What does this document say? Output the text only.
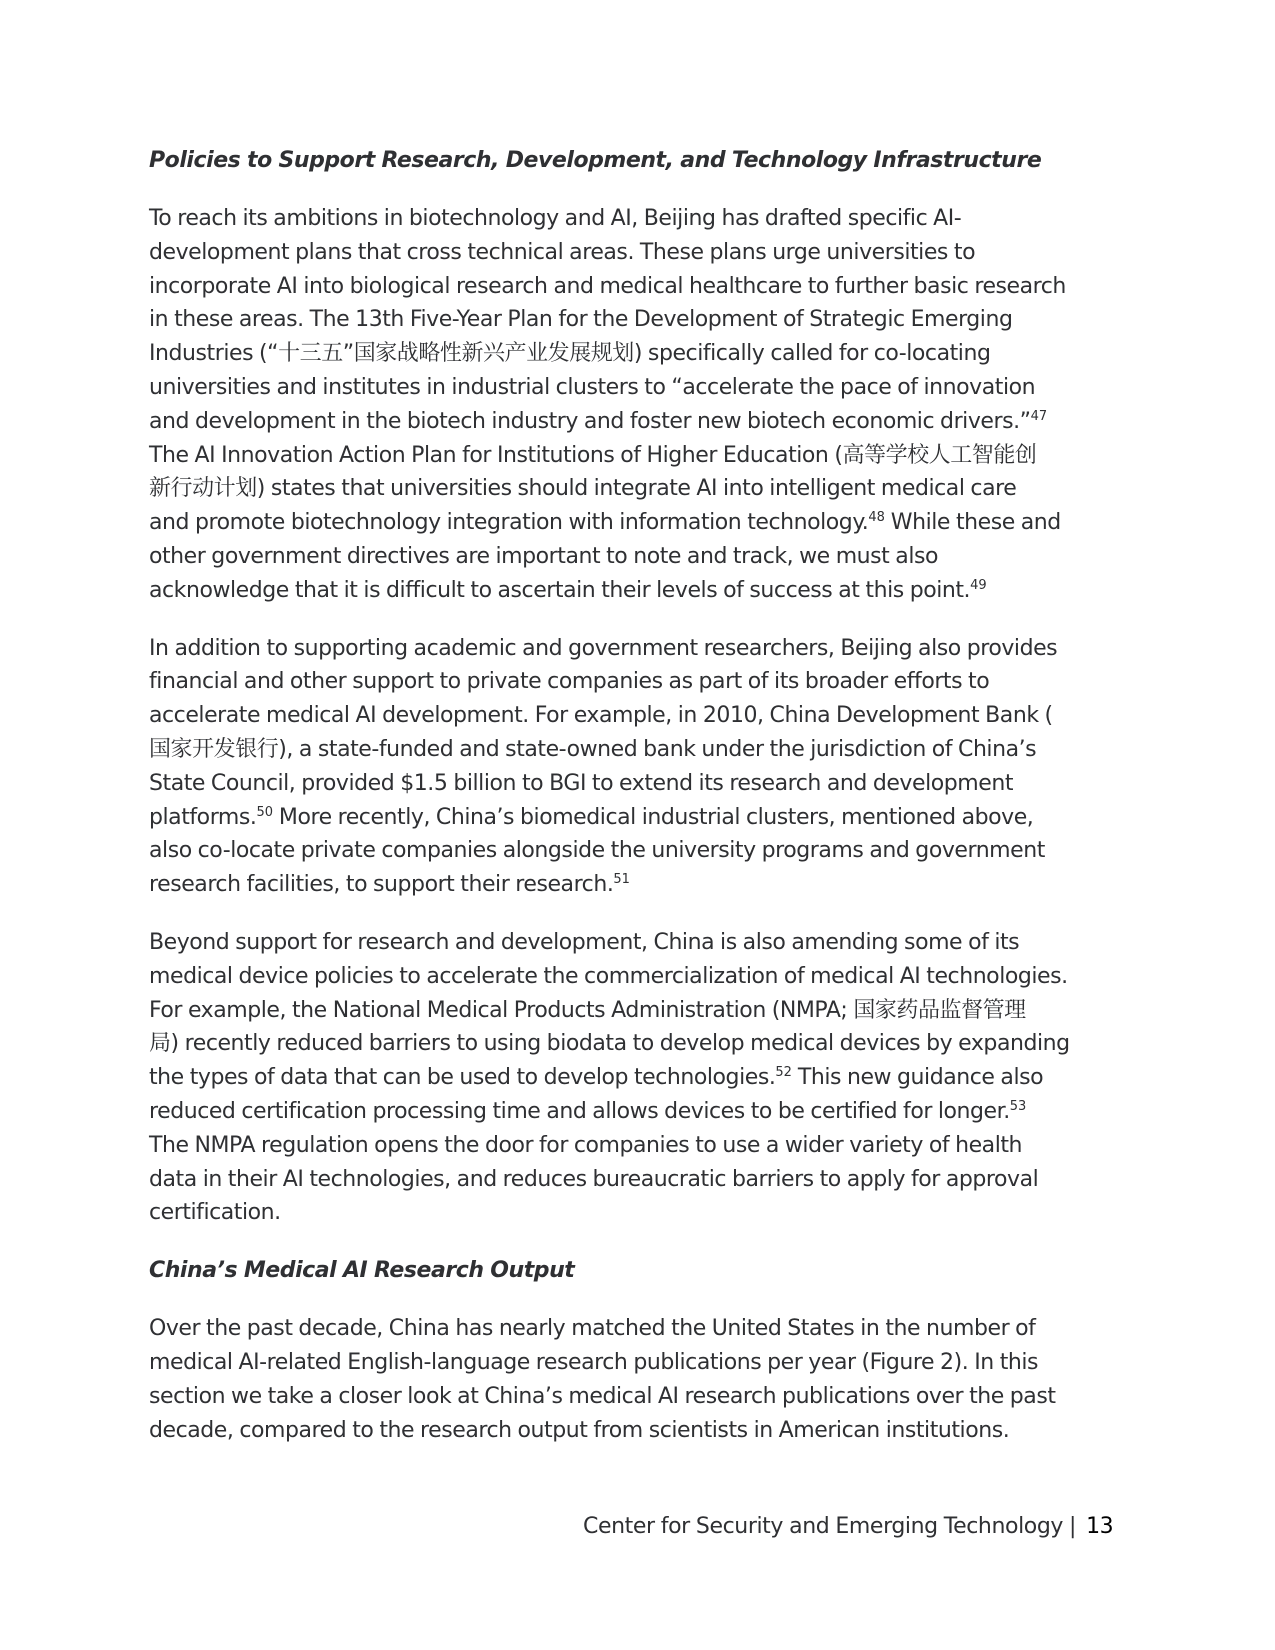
Policies to Support Research, Development, and Technology Infrastructure

To reach its ambitions in biotechnology and AI, Beijing has drafted specific AI-
development plans that cross technical areas. These plans urge universities to
incorporate AI into biological research and medical healthcare to further basic research
in these areas. The 13th Five-Year Plan for the Development of Strategic Emerging
Industries (“十三五”国家战略性新兴产业发展规划) specifically called for co-locating
universities and institutes in industrial clusters to “accelerate the pace of innovation
and development in the biotech industry and foster new biotech economic drivers.”$^{47}$
The AI Innovation Action Plan for Institutions of Higher Education (高等学校人工智能创
新行动计划) states that universities should integrate AI into intelligent medical care
and promote biotechnology integration with information technology.$^{48}$ While these and
other government directives are important to note and track, we must also
acknowledge that it is difficult to ascertain their levels of success at this point.$^{49}$

In addition to supporting academic and government researchers, Beijing also provides
financial and other support to private companies as part of its broader efforts to
accelerate medical AI development. For example, in 2010, China Development Bank (
国家开发银行), a state-funded and state-owned bank under the jurisdiction of China’s
State Council, provided $1.5 billion to BGI to extend its research and development
platforms.$^{50}$ More recently, China’s biomedical industrial clusters, mentioned above,
also co-locate private companies alongside the university programs and government
research facilities, to support their research.$^{51}$

Beyond support for research and development, China is also amending some of its
medical device policies to accelerate the commercialization of medical AI technologies.
For example, the National Medical Products Administration (NMPA; 国家药品监督管理
局) recently reduced barriers to using biodata to develop medical devices by expanding
the types of data that can be used to develop technologies.$^{52}$ This new guidance also
reduced certification processing time and allows devices to be certified for longer.$^{53}$
The NMPA regulation opens the door for companies to use a wider variety of health
data in their AI technologies, and reduces bureaucratic barriers to apply for approval
certification.

China’s Medical AI Research Output

Over the past decade, China has nearly matched the United States in the number of
medical AI-related English-language research publications per year (Figure 2). In this
section we take a closer look at China’s medical AI research publications over the past
decade, compared to the research output from scientists in American institutions.

Center for Security and Emerging Technology | 13
